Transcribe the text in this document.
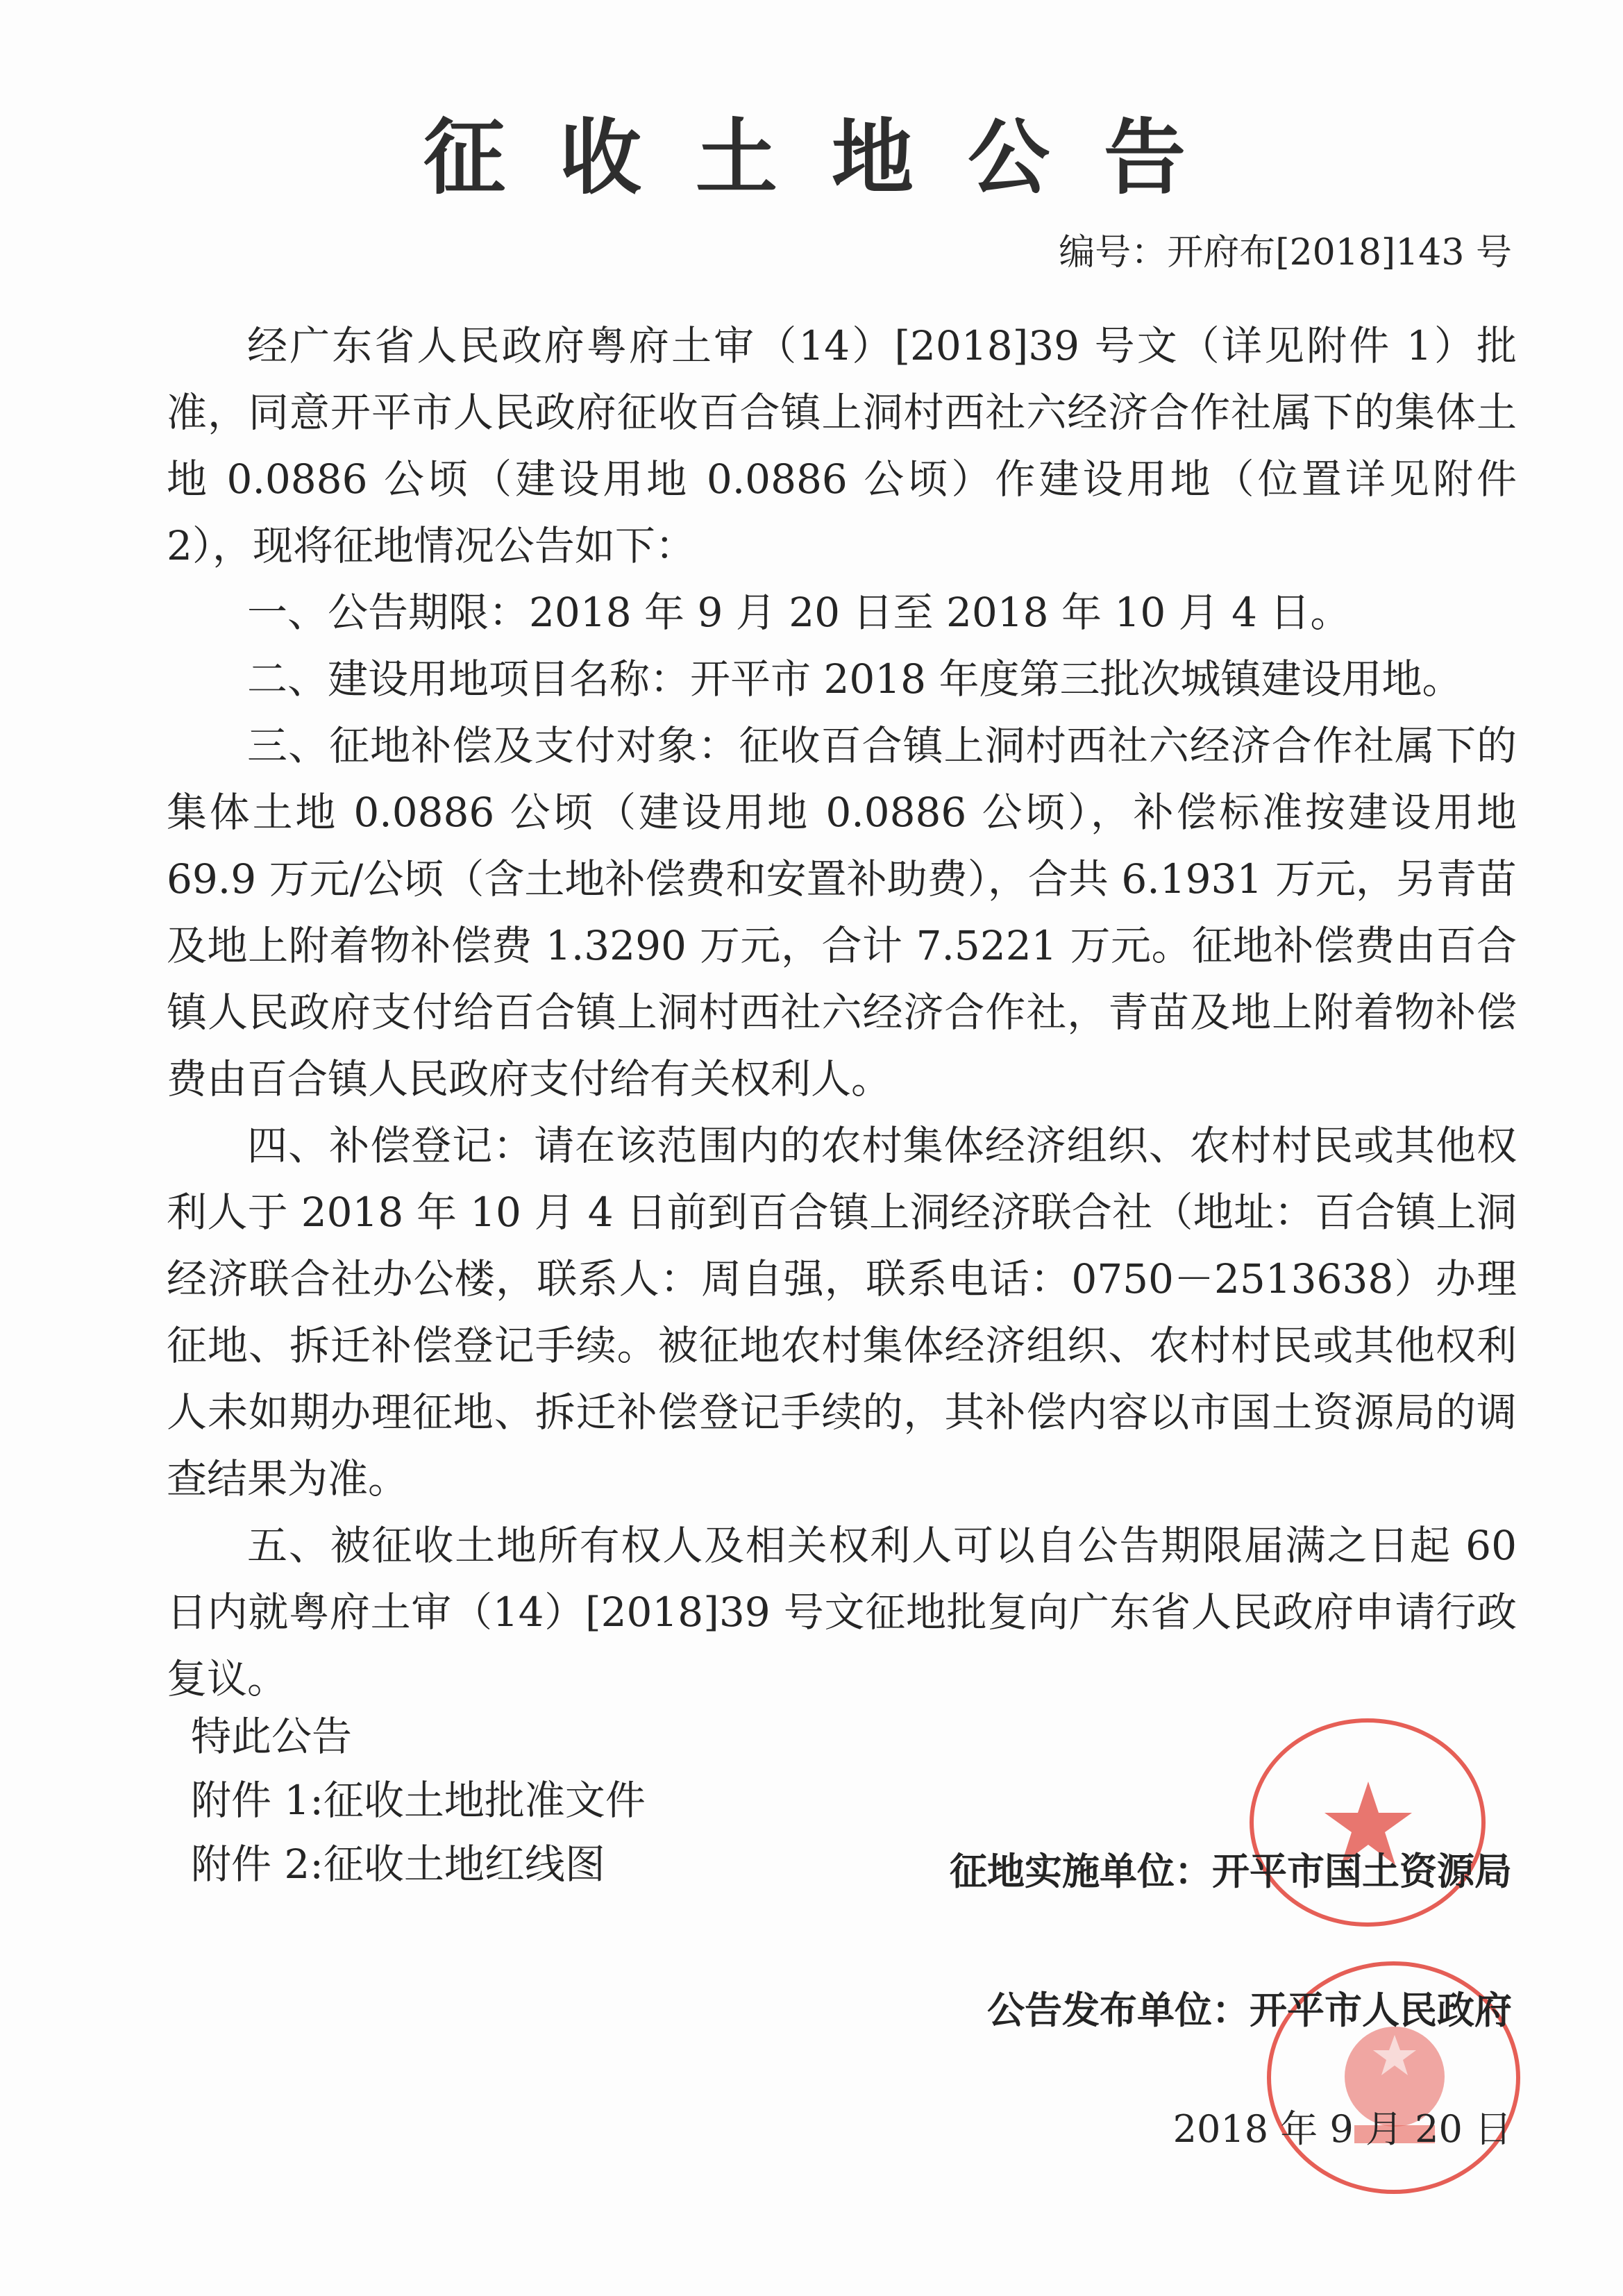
征收土地公告
编号：开府布[2018]143 号

经广东省人民政府粤府土审（14）[2018]39 号文（详见附件 1）批准，同意开平市人民政府征收百合镇上洞村西社六经济合作社属下的集体土地 0.0886 公顷（建设用地 0.0886 公顷）作建设用地（位置详见附件 2），现将征地情况公告如下：

一、公告期限：2018 年 9 月 20 日至 2018 年 10 月 4 日。

二、建设用地项目名称：开平市 2018 年度第三批次城镇建设用地。

三、征地补偿及支付对象：征收百合镇上洞村西社六经济合作社属下的集体土地 0.0886 公顷（建设用地 0.0886 公顷），补偿标准按建设用地 69.9 万元/公顷（含土地补偿费和安置补助费），合共 6.1931 万元，另青苗及地上附着物补偿费 1.3290 万元，合计 7.5221 万元。征地补偿费由百合镇人民政府支付给百合镇上洞村西社六经济合作社，青苗及地上附着物补偿费由百合镇人民政府支付给有关权利人。

四、补偿登记：请在该范围内的农村集体经济组织、农村村民或其他权利人于 2018 年 10 月 4 日前到百合镇上洞经济联合社（地址：百合镇上洞经济联合社办公楼，联系人：周自强，联系电话：0750－2513638）办理征地、拆迁补偿登记手续。被征地农村集体经济组织、农村村民或其他权利人未如期办理征地、拆迁补偿登记手续的，其补偿内容以市国土资源局的调查结果为准。

五、被征收土地所有权人及相关权利人可以自公告期限届满之日起 60 日内就粤府土审（14）[2018]39 号文征地批复向广东省人民政府申请行政复议。

特此公告
附件 1:征收土地批准文件
附件 2:征收土地红线图	征地实施单位：开平市国土资源局
公告发布单位：开平市人民政府
2018 年 9 月 20 日
